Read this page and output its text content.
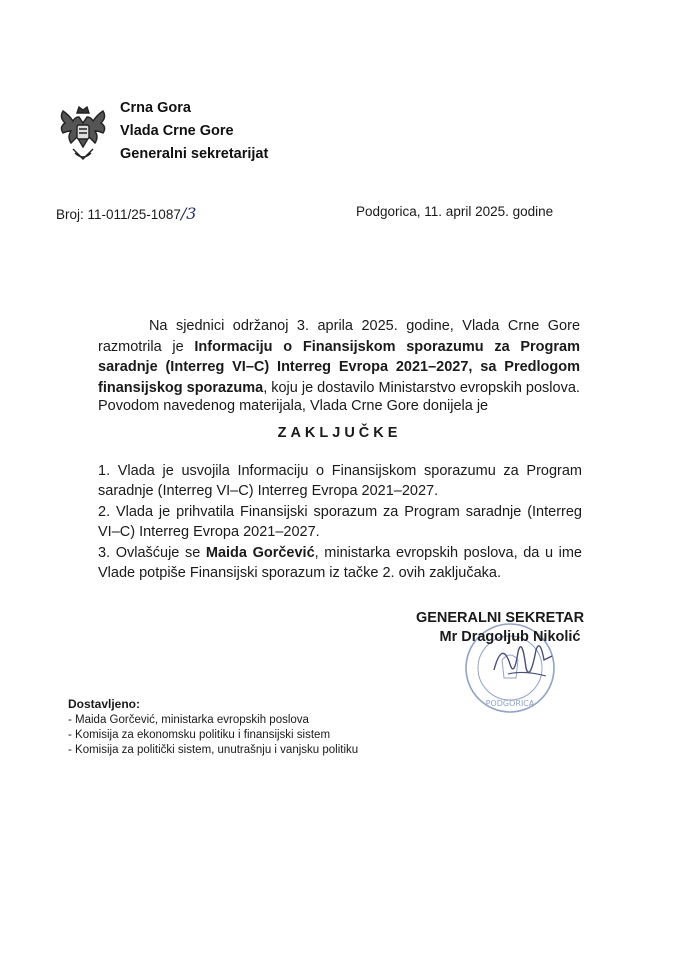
Crna Gora
Vlada Crne Gore
Generalni sekretarijat
Broj: 11-011/25-1087/3	Podgorica, 11. april 2025. godine
Na sjednici održanoj 3. aprila 2025. godine, Vlada Crne Gore razmotrila je Informaciju o Finansijskom sporazumu za Program saradnje (Interreg VI–C) Interreg Evropa 2021–2027, sa Predlogom finansijskog sporazuma, koju je dostavilo Ministarstvo evropskih poslova.
Povodom navedenog materijala, Vlada Crne Gore donijela je
ZAKLJUČKE
1. Vlada je usvojila Informaciju o Finansijskom sporazumu za Program saradnje (Interreg VI–C) Interreg Evropa 2021–2027.
2. Vlada je prihvatila Finansijski sporazum za Program saradnje (Interreg VI–C) Interreg Evropa 2021–2027.
3. Ovlašćuje se Maida Gorčević, ministarka evropskih poslova, da u ime Vlade potpiše Finansijski sporazum iz tačke 2. ovih zaključaka.
PODGORICA
GENERALNI SEKRETAR
Mr Dragoljub Nikolić
Dostavljeno:
- Maida Gorčević, ministarka evropskih poslova
- Komisija za ekonomsku politiku i finansijski sistem
- Komisija za politički sistem, unutrašnju i vanjsku politiku
